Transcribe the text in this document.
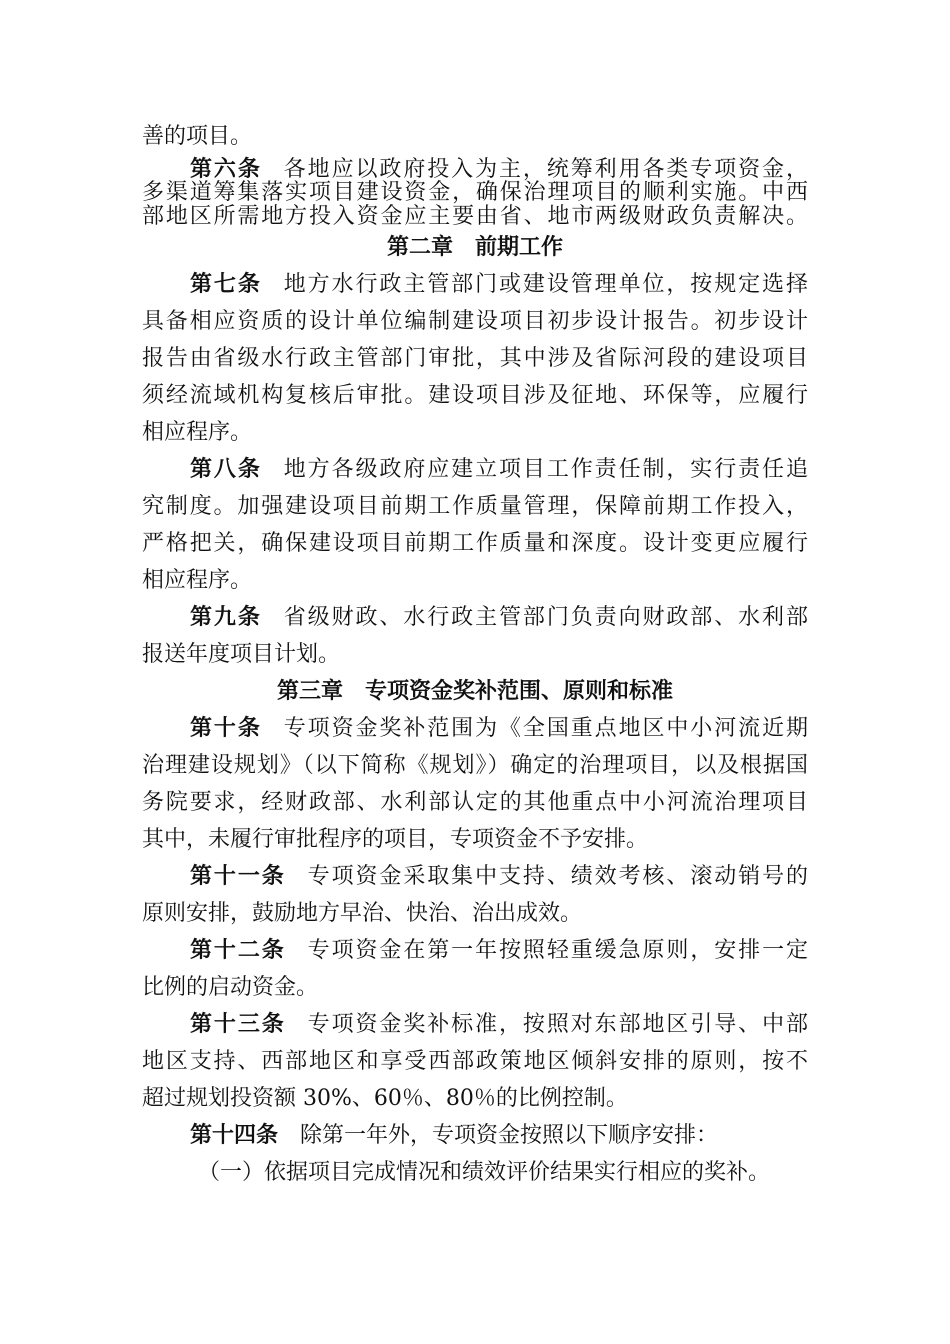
善的项目。
第六条 各地应以政府投入为主，统筹利用各类专项资金，
多渠道筹集落实项目建设资金，确保治理项目的顺利实施。中西
部地区所需地方投入资金应主要由省、地市两级财政负责解决。
第二章 前期工作
第七条 地方水行政主管部门或建设管理单位，按规定选择
具备相应资质的设计单位编制建设项目初步设计报告。初步设计
报告由省级水行政主管部门审批，其中涉及省际河段的建设项目
须经流域机构复核后审批。建设项目涉及征地、环保等，应履行
相应程序。
第八条 地方各级政府应建立项目工作责任制，实行责任追
究制度。加强建设项目前期工作质量管理，保障前期工作投入，
严格把关，确保建设项目前期工作质量和深度。设计变更应履行
相应程序。
第九条 省级财政、水行政主管部门负责向财政部、水利部
报送年度项目计划。
第三章 专项资金奖补范围、原则和标准
第十条 专项资金奖补范围为《全国重点地区中小河流近期
治理建设规划》（以下简称《规划》）确定的治理项目，以及根据国
务院要求，经财政部、水利部认定的其他重点中小河流治理项目
其中，未履行审批程序的项目，专项资金不予安排。
第十一条 专项资金采取集中支持、绩效考核、滚动销号的
原则安排，鼓励地方早治、快治、治出成效。
第十二条 专项资金在第一年按照轻重缓急原则，安排一定
比例的启动资金。
第十三条 专项资金奖补标准，按照对东部地区引导、中部
地区支持、西部地区和享受西部政策地区倾斜安排的原则，按不
超过规划投资额 30%、60％、80％的比例控制。
第十四条 除第一年外，专项资金按照以下顺序安排：
（一）依据项目完成情况和绩效评价结果实行相应的奖补。
